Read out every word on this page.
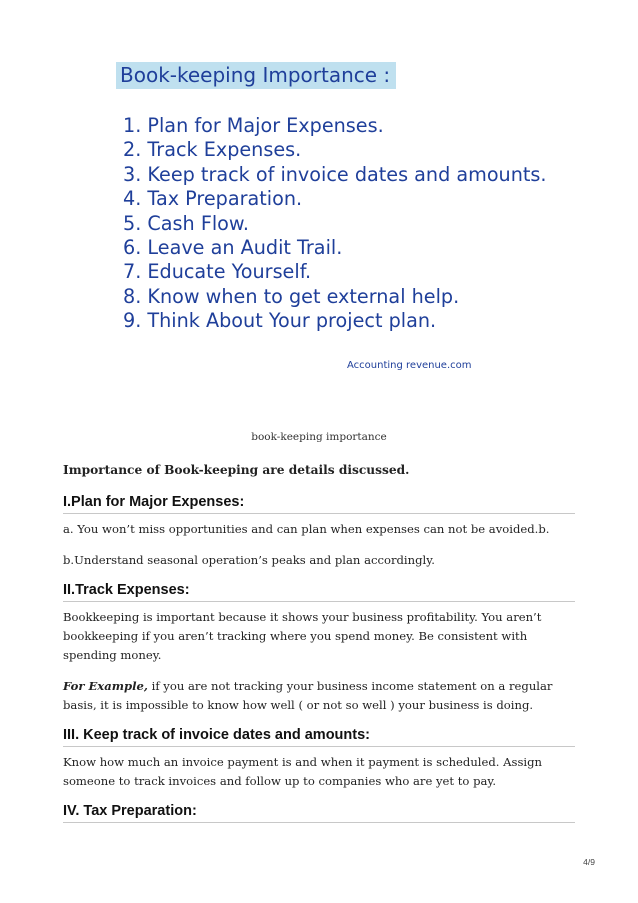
Book-keeping Importance :
1. Plan for Major Expenses.
2. Track Expenses.
3. Keep track of invoice dates and amounts.
4. Tax Preparation.
5. Cash Flow.
6. Leave an Audit Trail.
7. Educate Yourself.
8. Know when to get external help.
9. Think About Your project plan.
Accounting revenue.com
book-keeping importance

Importance of Book-keeping are details discussed.

I.Plan for Major Expenses:

a. You won’t miss opportunities and can plan when expenses can not be avoided.b.

b.Understand seasonal operation’s peaks and plan accordingly.

II.Track Expenses:

Bookkeeping is important because it shows your business profitability. You aren’t bookkeeping if you aren’t tracking where you spend money. Be consistent with spending money.

For Example, if you are not tracking your business income statement on a regular basis, it is impossible to know how well ( or not so well ) your business is doing.

III. Keep track of invoice dates and amounts:

Know how much an invoice payment is and when it payment is scheduled. Assign someone to track invoices and follow up to companies who are yet to pay.

IV. Tax Preparation:
4/9
